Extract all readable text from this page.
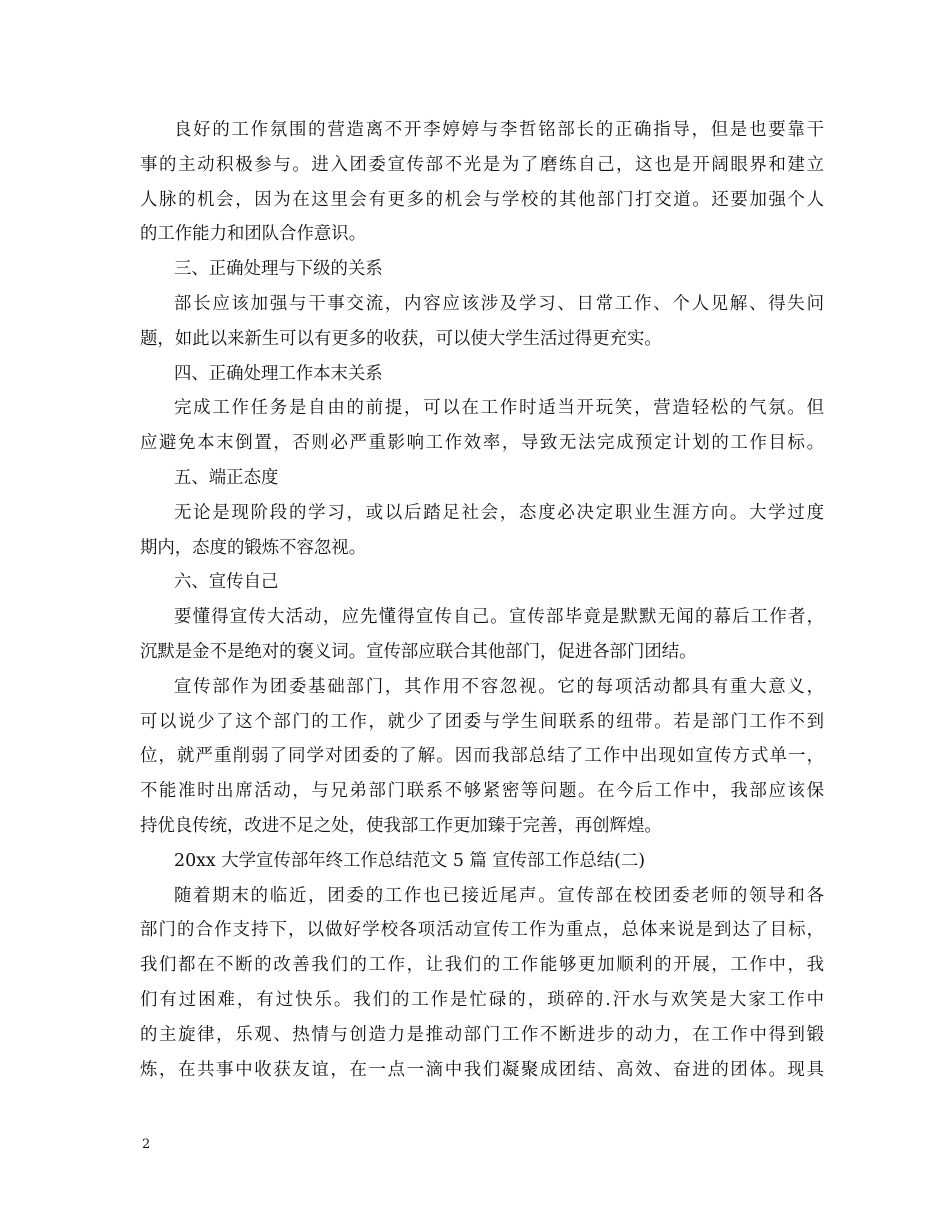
良好的工作氛围的营造离不开李婷婷与李哲铭部长的正确指导，但是也要靠干
事的主动积极参与。进入团委宣传部不光是为了磨练自己，这也是开阔眼界和建立
人脉的机会，因为在这里会有更多的机会与学校的其他部门打交道。还要加强个人
的工作能力和团队合作意识。
三、正确处理与下级的关系
部长应该加强与干事交流，内容应该涉及学习、日常工作、个人见解、得失问
题，如此以来新生可以有更多的收获，可以使大学生活过得更充实。
四、正确处理工作本末关系
完成工作任务是自由的前提，可以在工作时适当开玩笑，营造轻松的气氛。但
应避免本末倒置，否则必严重影响工作效率，导致无法完成预定计划的工作目标。
五、端正态度
无论是现阶段的学习，或以后踏足社会，态度必决定职业生涯方向。大学过度
期内，态度的锻炼不容忽视。
六、宣传自己
要懂得宣传大活动，应先懂得宣传自己。宣传部毕竟是默默无闻的幕后工作者，
沉默是金不是绝对的褒义词。宣传部应联合其他部门，促进各部门团结。
宣传部作为团委基础部门，其作用不容忽视。它的每项活动都具有重大意义，
可以说少了这个部门的工作，就少了团委与学生间联系的纽带。若是部门工作不到
位，就严重削弱了同学对团委的了解。因而我部总结了工作中出现如宣传方式单一，
不能准时出席活动，与兄弟部门联系不够紧密等问题。在今后工作中，我部应该保
持优良传统，改进不足之处，使我部工作更加臻于完善，再创辉煌。
20xx 大学宣传部年终工作总结范文 5 篇 宣传部工作总结(二)
随着期末的临近，团委的工作也已接近尾声。宣传部在校团委老师的领导和各
部门的合作支持下，以做好学校各项活动宣传工作为重点，总体来说是到达了目标，
我们都在不断的改善我们的工作，让我们的工作能够更加顺利的开展，工作中，我
们有过困难，有过快乐。我们的工作是忙碌的，琐碎的.汗水与欢笑是大家工作中
的主旋律，乐观、热情与创造力是推动部门工作不断进步的动力，在工作中得到锻
炼，在共事中收获友谊，在一点一滴中我们凝聚成团结、高效、奋进的团体。现具
2
